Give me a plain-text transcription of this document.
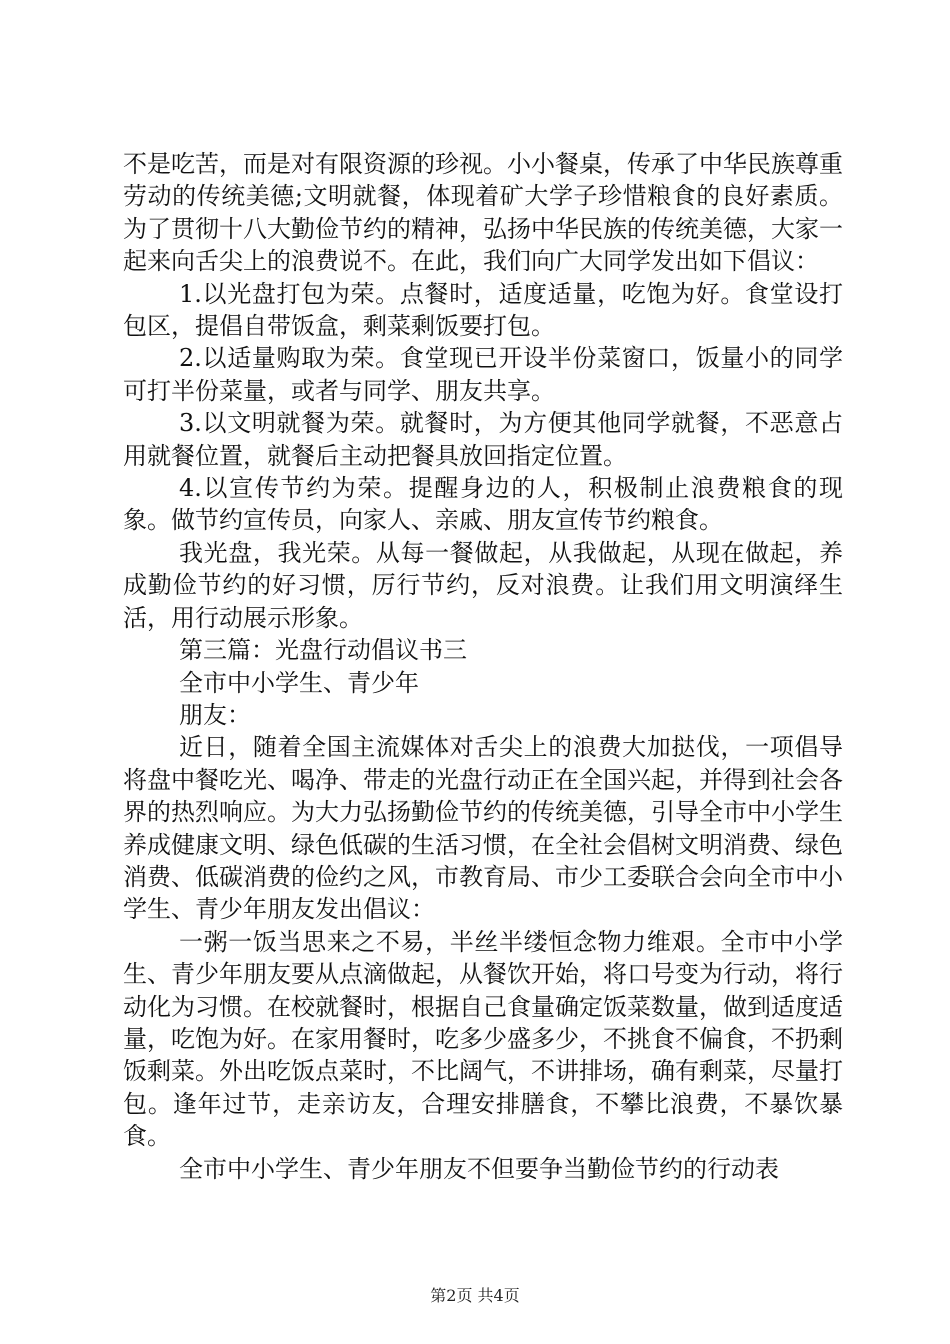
不是吃苦，而是对有限资源的珍视。小小餐桌，传承了中华民族尊重劳动的传统美德;文明就餐，体现着矿大学子珍惜粮食的良好素质。为了贯彻十八大勤俭节约的精神，弘扬中华民族的传统美德，大家一起来向舌尖上的浪费说不。在此，我们向广大同学发出如下倡议：

1.以光盘打包为荣。点餐时，适度适量，吃饱为好。食堂设打包区，提倡自带饭盒，剩菜剩饭要打包。

2.以适量购取为荣。食堂现已开设半份菜窗口，饭量小的同学可打半份菜量，或者与同学、朋友共享。

3.以文明就餐为荣。就餐时，为方便其他同学就餐，不恶意占用就餐位置，就餐后主动把餐具放回指定位置。

4.以宣传节约为荣。提醒身边的人，积极制止浪费粮食的现象。做节约宣传员，向家人、亲戚、朋友宣传节约粮食。

我光盘，我光荣。从每一餐做起，从我做起，从现在做起，养成勤俭节约的好习惯，厉行节约，反对浪费。让我们用文明演绎生活，用行动展示形象。

第三篇：光盘行动倡议书三

全市中小学生、青少年

朋友：

近日，随着全国主流媒体对舌尖上的浪费大加挞伐，一项倡导将盘中餐吃光、喝净、带走的光盘行动正在全国兴起，并得到社会各界的热烈响应。为大力弘扬勤俭节约的传统美德，引导全市中小学生养成健康文明、绿色低碳的生活习惯，在全社会倡树文明消费、绿色消费、低碳消费的俭约之风，市教育局、市少工委联合会向全市中小学生、青少年朋友发出倡议：

一粥一饭当思来之不易，半丝半缕恒念物力维艰。全市中小学生、青少年朋友要从点滴做起，从餐饮开始，将口号变为行动，将行动化为习惯。在校就餐时，根据自己食量确定饭菜数量，做到适度适量，吃饱为好。在家用餐时，吃多少盛多少，不挑食不偏食，不扔剩饭剩菜。外出吃饭点菜时，不比阔气，不讲排场，确有剩菜，尽量打包。逢年过节，走亲访友，合理安排膳食，不攀比浪费，不暴饮暴食。

全市中小学生、青少年朋友不但要争当勤俭节约的行动表

第2页 共4页
